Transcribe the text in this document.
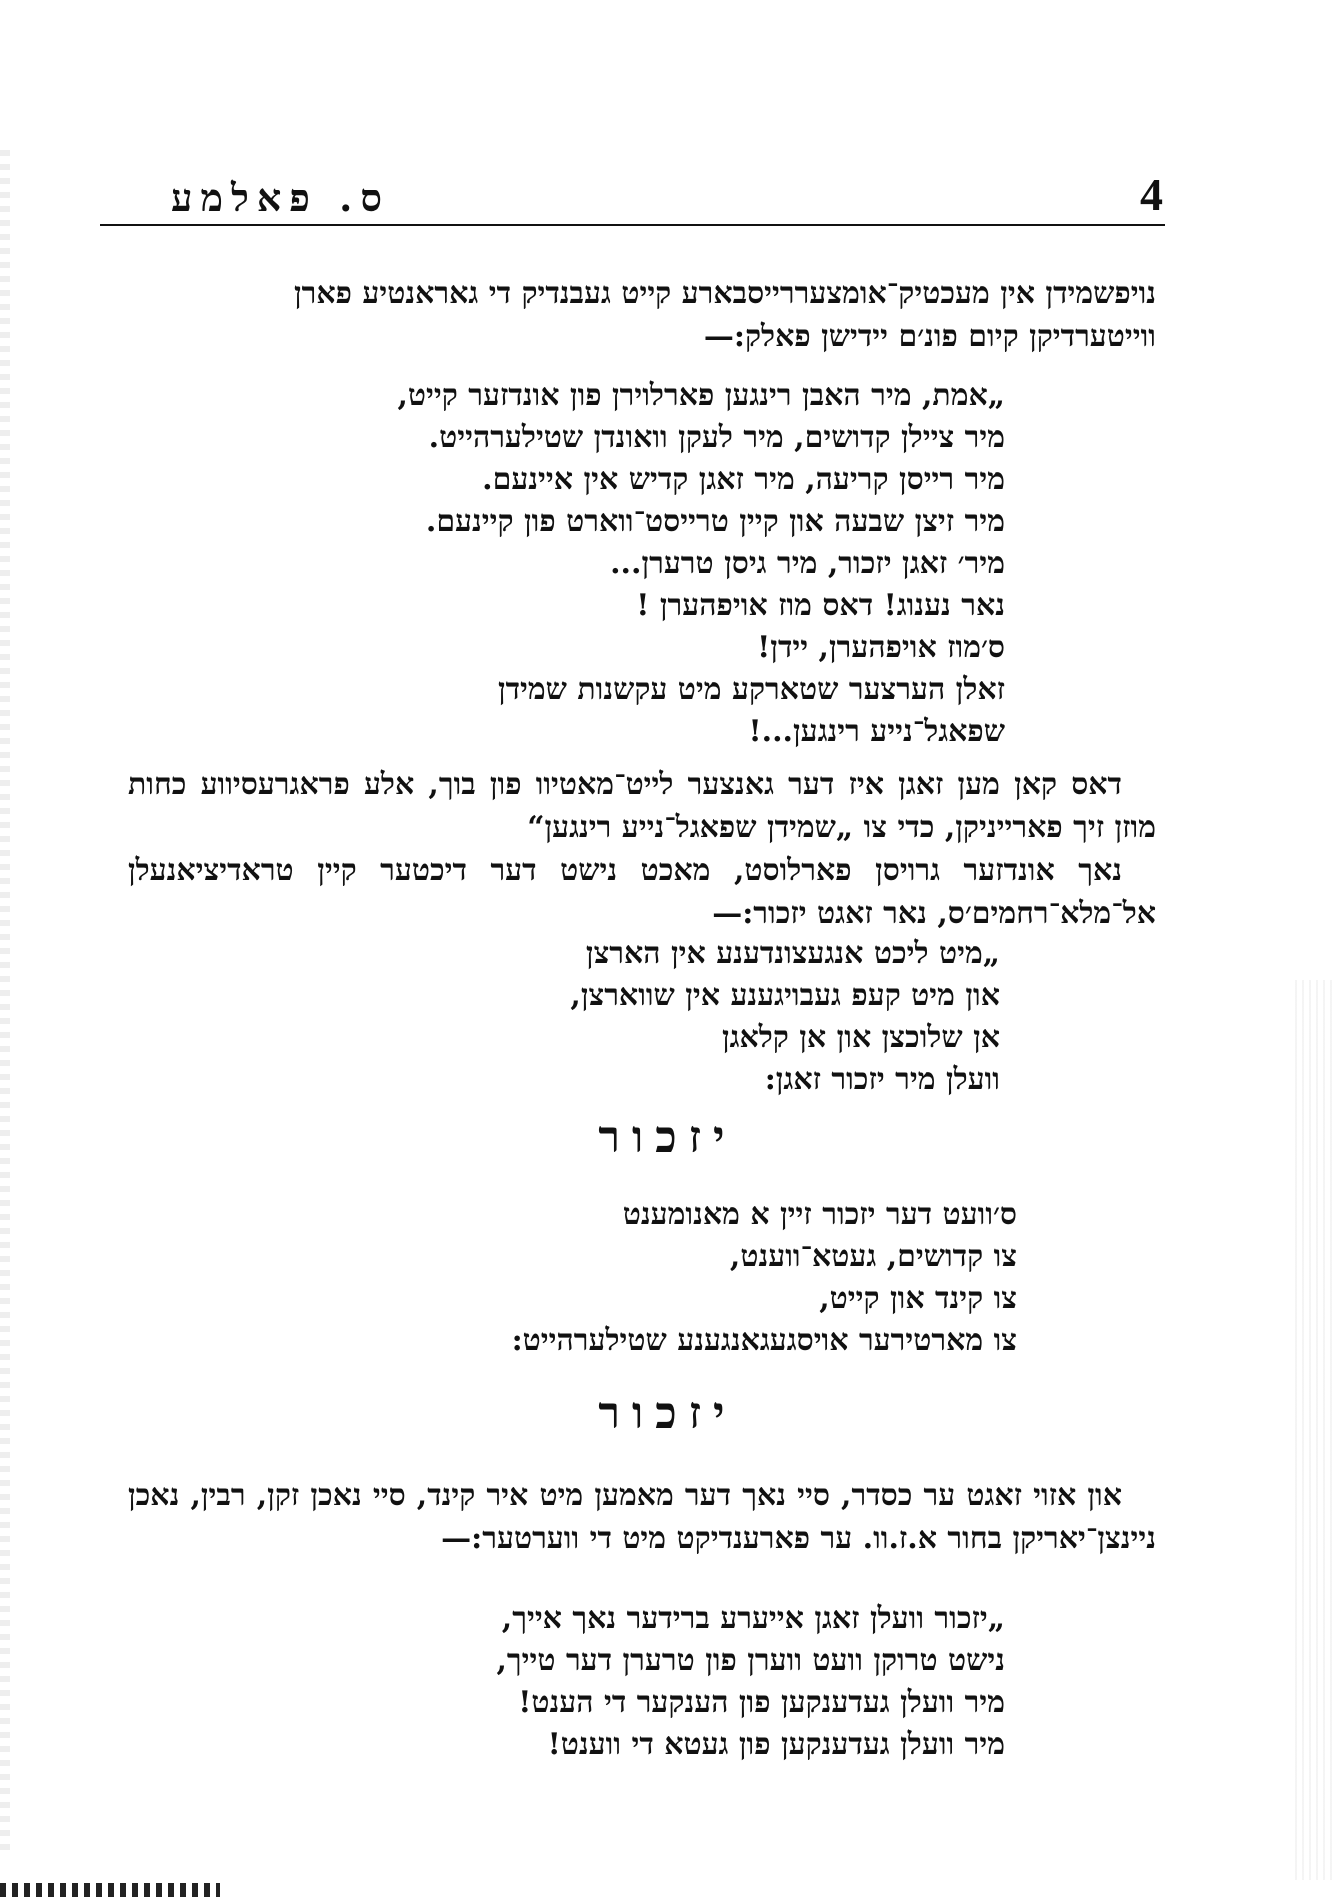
4
ס. פאלמע

נויפשמידן אין מעכטיק־אומצעררייסבארע קייט געבנדיק די גאראנטיע פארן

ווייטערדיקן קיום פונ׳ם יידישן פאלק:—

„אמת, מיר האבן רינגען פארלוירן פון אונדזער קייט,
מיר ציילן קדושים, מיר לעקן וואונדן שטילערהייט.
מיר רייסן קריעה, מיר זאגן קדיש אין איינעם.
מיר זיצן שבעה און קיין טרייסט־ווארט פון קיינעם.
מיר׳ זאגן יזכור, מיר גיסן טרערן...
נאר נענוג! דאס מוז אויפהערן !
ס׳מוז אויפהערן, יידן!
זאלן הערצער שטארקע מיט עקשנות שמידן
שפאגל־נייע רינגען...!

דאס קאן מען זאגן איז דער גאנצער לייט־מאטיוו פון בוך, אלע פראגרעסיווע כחות מוזן זיך פארייניקן, כדי צו „שמידן שפאגל־נייע רינגען“

נאך אונדזער גרויסן פארלוסט, מאכט נישט דער דיכטער קיין טראדיציאנעלן אל־מלא־רחמים׳ס, נאר זאגט יזכור:—

„מיט ליכט אנגעצונדענע אין הארצן
און מיט קעפ געבויגענע אין שווארצן,
אן שלוכצן און אן קלאגן
וועלן מיר יזכור זאגן:
יזכור
ס׳וועט דער יזכור זיין א מאנומענט
צו קדושים, געטא־ווענט,
צו קינד און קייט,
צו מארטירער אויסגעגאנגענע שטילערהייט:
יזכור

און אזוי זאגט ער כסדר, סיי נאך דער מאמען מיט איר קינד, סיי נאכן זקן, רבין, נאכן ניינצן־יאריקן בחור א.ז.וו. ער פארענדיקט מיט די ווערטער:—

„יזכור וועלן זאגן אייערע ברידער נאך אייך,
נישט טרוקן וועט ווערן פון טרערן דער טייך,
מיר וועלן געדענקען פון הענקער די הענט!
מיר וועלן געדענקען פון געטא די ווענט!
